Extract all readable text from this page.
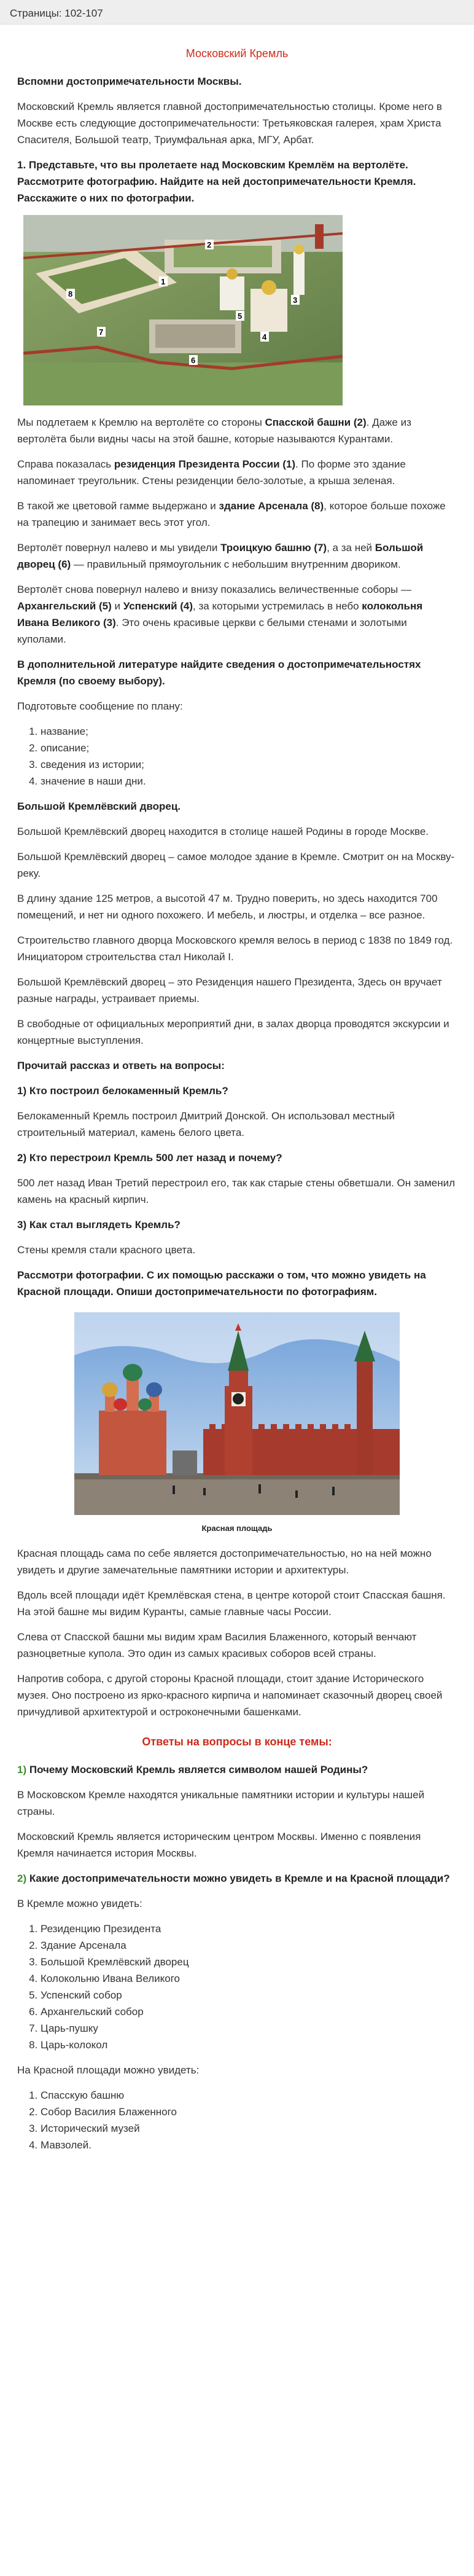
Страницы: 102-107
Московский Кремль

Вспомни достопримечательности Москвы.

Московский Кремль является главной достопримечательностью столицы. Кроме него в Москве есть следующие достопримечательности: Третьяковская галерея, храм Христа Спасителя, Большой театр, Триумфальная арка, МГУ, Арбат.

1. Представьте, что вы пролетаете над Московским Кремлём на вертолёте. Рассмотрите фотографию. Найдите на ней достопримечательности Кремля. Расскажите о них по фотографии.

1
2
3
4
5
6
7
8

Мы подлетаем к Кремлю на вертолёте со стороны Спасской башни (2). Даже из вертолёта были видны часы на этой башне, которые называются Курантами.

Справа показалась резиденция Президента России (1). По форме это здание напоминает треугольник. Стены резиденции бело-золотые, а крыша зеленая.

В такой же цветовой гамме выдержано и здание Арсенала (8), которое больше похоже на трапецию и занимает весь этот угол.

Вертолёт повернул налево и мы увидели Троицкую башню (7), а за ней Большой дворец (6) — правильный прямоугольник с небольшим внутренним двориком.

Вертолёт снова повернул налево и внизу показались величественные соборы — Архангельский (5) и Успенский (4), за которыми устремилась в небо колокольня Ивана Великого (3). Это очень красивые церкви с белыми стенами и золотыми куполами.

В дополнительной литературе найдите сведения о достопримечательностях Кремля (по своему выбору).

Подготовьте сообщение по плану:

1. название;
2. описание;
3. сведения из истории;
4. значение в наши дни.

Большой Кремлёвский дворец.

Большой Кремлёвский дворец находится в столице нашей Родины в городе Москве.

Большой Кремлёвский дворец – самое молодое здание в Кремле. Смотрит он на Москву-реку.

В длину здание 125 метров, а высотой 47 м. Трудно поверить, но здесь находится 700 помещений, и нет ни одного похожего. И мебель, и люстры, и отделка – все разное.

Строительство главного дворца Московского кремля велось в период с 1838 по 1849 год. Инициатором строительства стал Николай I.

Большой Кремлёвский дворец – это Резиденция нашего Президента, Здесь он вручает разные награды, устраивает приемы.

В свободные от официальных мероприятий дни, в залах дворца проводятся экскурсии и концертные выступления.

Прочитай рассказ и ответь на вопросы:

1) Кто построил белокаменный Кремль?

Белокаменный Кремль построил Дмитрий Донской. Он использовал местный строительный материал, камень белого цвета.

2) Кто перестроил Кремль 500 лет назад и почему?

500 лет назад Иван Третий перестроил его, так как старые стены обветшали. Он заменил камень на красный кирпич.

3) Как стал выглядеть Кремль?

Стены кремля стали красного цвета.

Рассмотри фотографии. С их помощью расскажи о том, что можно увидеть на Красной площади. Опиши достопримечательности по фотографиям.

Красная площадь

Красная площадь сама по себе является достопримечательностью, но на ней можно увидеть и другие замечательные памятники истории и архитектуры.

Вдоль всей площади идёт Кремлёвская стена, в центре которой стоит Спасская башня. На этой башне мы видим Куранты, самые главные часы России.

Слева от Спасской башни мы видим храм Василия Блаженного, который венчают разноцветные купола. Это один из самых красивых соборов всей страны.

Напротив собора, с другой стороны Красной площади, стоит здание Исторического музея. Оно построено из ярко-красного кирпича и напоминает сказочный дворец своей причудливой архитектурой и остроконечными башенками.

Ответы на вопросы в конце темы:

1) Почему Московский Кремль является символом нашей Родины?

В Московском Кремле находятся уникальные памятники истории и культуры нашей страны.

Московский Кремль является историческим центром Москвы. Именно с появления Кремля начинается история Москвы.

2) Какие достопримечательности можно увидеть в Кремле и на Красной площади?

В Кремле можно увидеть:

1. Резиденцию Президента
2. Здание Арсенала
3. Большой Кремлёвский дворец
4. Колокольню Ивана Великого
5. Успенский собор
6. Архангельский собор
7. Царь-пушку
8. Царь-колокол

На Красной площади можно увидеть:

1. Спасскую башню
2. Собор Василия Блаженного
3. Исторический музей
4. Мавзолей.
